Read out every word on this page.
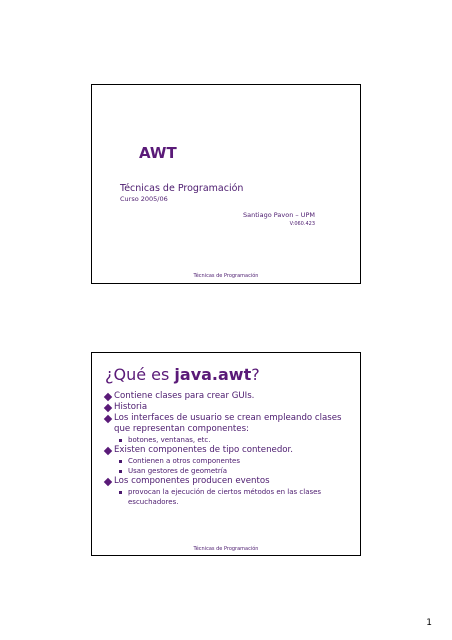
AWT
Técnicas de Programación
Curso 2005/06
Santiago Pavon – UPM
V:060.423
Técnicas de Programación
¿Qué es java.awt?
Contiene clases para crear GUIs.
Historia
Los interfaces de usuario se crean empleando clases que representan componentes:
botones, ventanas, etc.
Existen componentes de tipo contenedor.
Contienen a otros componentes
Usan gestores de geometría
Los componentes producen eventos
provocan la ejecución de ciertos métodos en las clases escuchadores.
Técnicas de Programación
1
